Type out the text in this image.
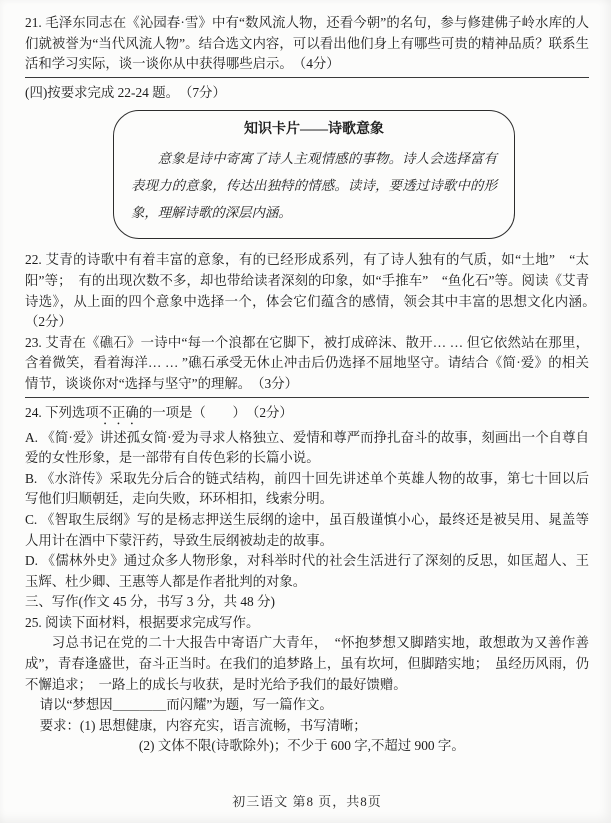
21. 毛泽东同志在《沁园春·雪》中有“数风流人物，还看今朝”的名句，参与修建佛子岭水库的人们就被誉为“当代风流人物”。结合选文内容，可以看出他们身上有哪些可贵的精神品质？联系生活和学习实际，谈一谈你从中获得哪些启示。　（4分）

(四)按要求完成 22-24 题。　（7分）

知识卡片——诗歌意象

意象是诗中寄寓了诗人主观情感的事物。诗人会选择富有表现力的意象，传达出独特的情感。读诗，要透过诗歌中的形象，理解诗歌的深层内涵。

22. 艾青的诗歌中有着丰富的意象，有的已经形成系列，有了诗人独有的气质，如“土地”　“太阳”等；　有的出现次数不多，却也带给读者深刻的印象，如“手推车”　“鱼化石”等。阅读《艾青诗选》，从上面的四个意象中选择一个，体会它们蕴含的感情，领会其中丰富的思想文化内涵。　（2分）

23. 艾青在《礁石》一诗中“每一个浪都在它脚下，被打成碎沫、散开… … 但它依然站在那里，含着微笑，看着海洋… … ”礁石承受无休止冲击后仍选择不屈地坚守。请结合《简·爱》的相关情节，谈谈你对“选择与坚守”的理解。　（3分）

24. 下列选项不正确的一项是（　　）　（2分）

A. 《简·爱》讲述孤女简·爱为寻求人格独立、爱情和尊严而挣扎奋斗的故事，刻画出一个自尊自爱的女性形象，是一部带有自传色彩的长篇小说。

B. 《水浒传》采取先分后合的链式结构，前四十回先讲述单个英雄人物的故事，第七十回以后写他们归顺朝廷，走向失败，环环相扣，线索分明。

C. 《智取生辰纲》写的是杨志押送生辰纲的途中，虽百般谨慎小心，最终还是被吴用、晁盖等人用计在酒中下蒙汗药，导致生辰纲被劫走的故事。

D. 《儒林外史》通过众多人物形象，对科举时代的社会生活进行了深刻的反思，如匡超人、王玉辉、杜少卿、王惠等人都是作者批判的对象。

三、写作(作文 45 分，书写 3 分，共 48 分)

25. 阅读下面材料，根据要求完成写作。

习总书记在党的二十大报告中寄语广大青年，　“怀抱梦想又脚踏实地，敢想敢为又善作善成”，青春逢盛世，奋斗正当时。在我们的追梦路上，虽有坎坷，但脚踏实地；　虽经历风雨，仍不懈追求；　一路上的成长与收获，是时光给予我们的最好馈赠。

请以“梦想因＿＿＿＿而闪耀”为题，写一篇作文。

要求：(1) 思想健康，内容充实，语言流畅，书写清晰；

(2) 文体不限(诗歌除外)；不少于 600 字,不超过 900 字。

初三语文 第8 页，共8页
